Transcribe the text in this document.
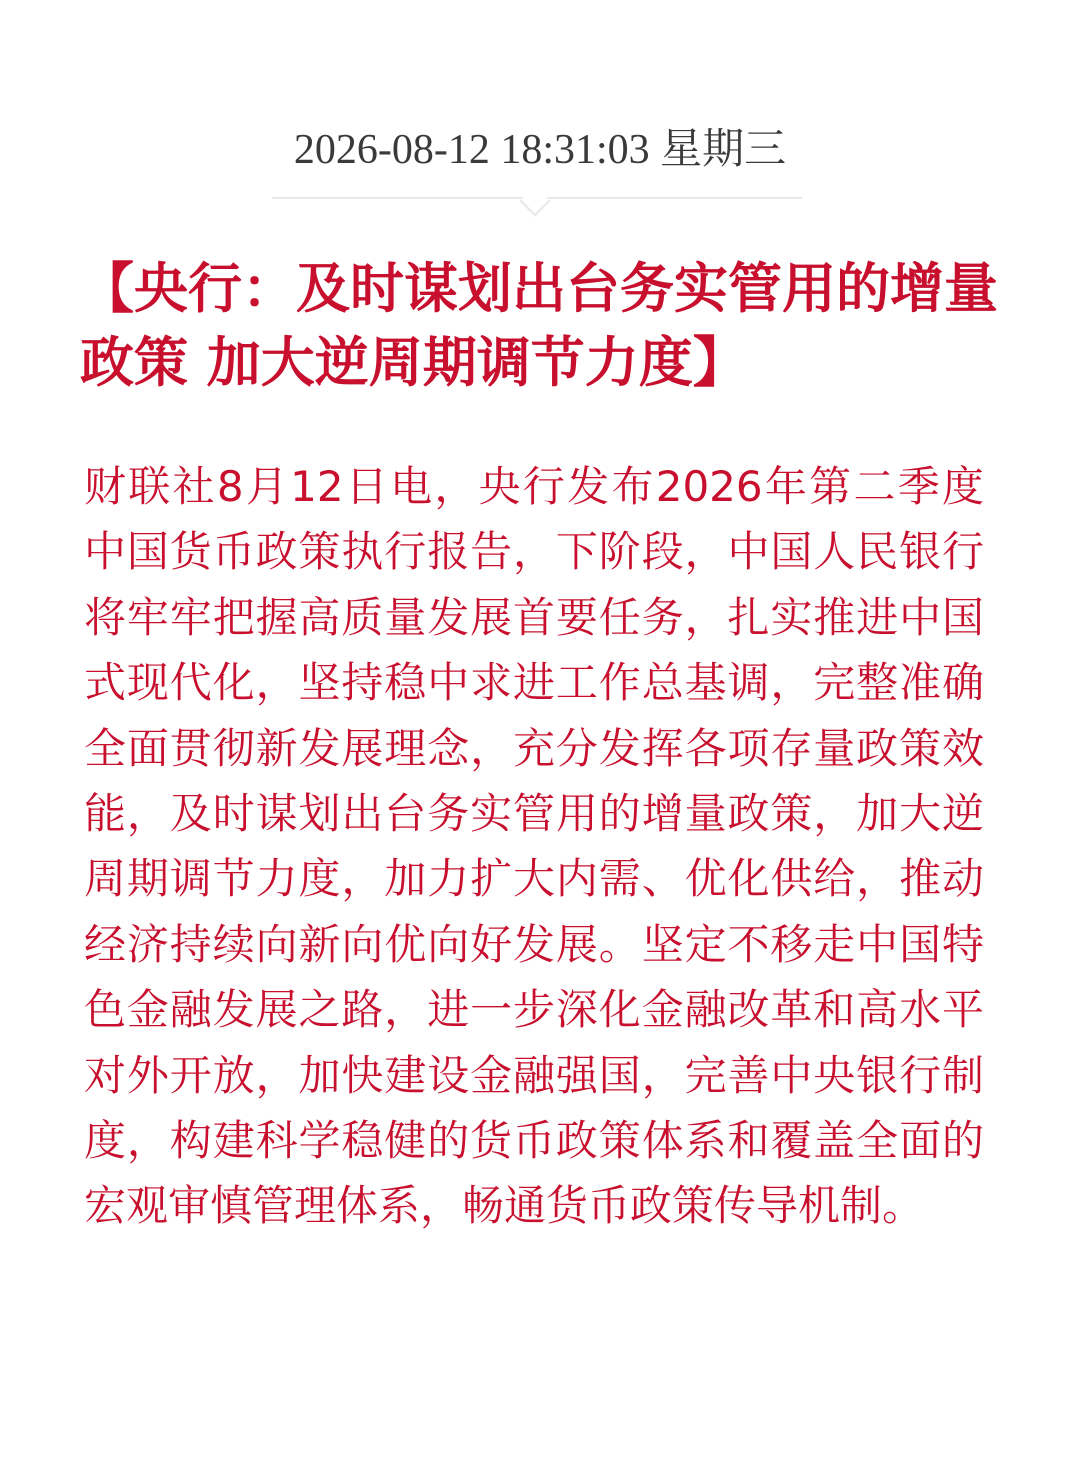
2026-08-12 18:31:03 星期三
【央行：及时谋划出台务实管用的增量政策 加大逆周期调节力度】

财联社8月12日电，央行发布2026年第二季度中国货币政策执行报告，下阶段，中国人民银行将牢牢把握高质量发展首要任务，扎实推进中国式现代化，坚持稳中求进工作总基调，完整准确全面贯彻新发展理念，充分发挥各项存量政策效能，及时谋划出台务实管用的增量政策，加大逆周期调节力度，加力扩大内需、优化供给，推动经济持续向新向优向好发展。坚定不移走中国特色金融发展之路，进一步深化金融改革和高水平对外开放，加快建设金融强国，完善中央银行制度，构建科学稳健的货币政策体系和覆盖全面的宏观审慎管理体系，畅通货币政策传导机制。
